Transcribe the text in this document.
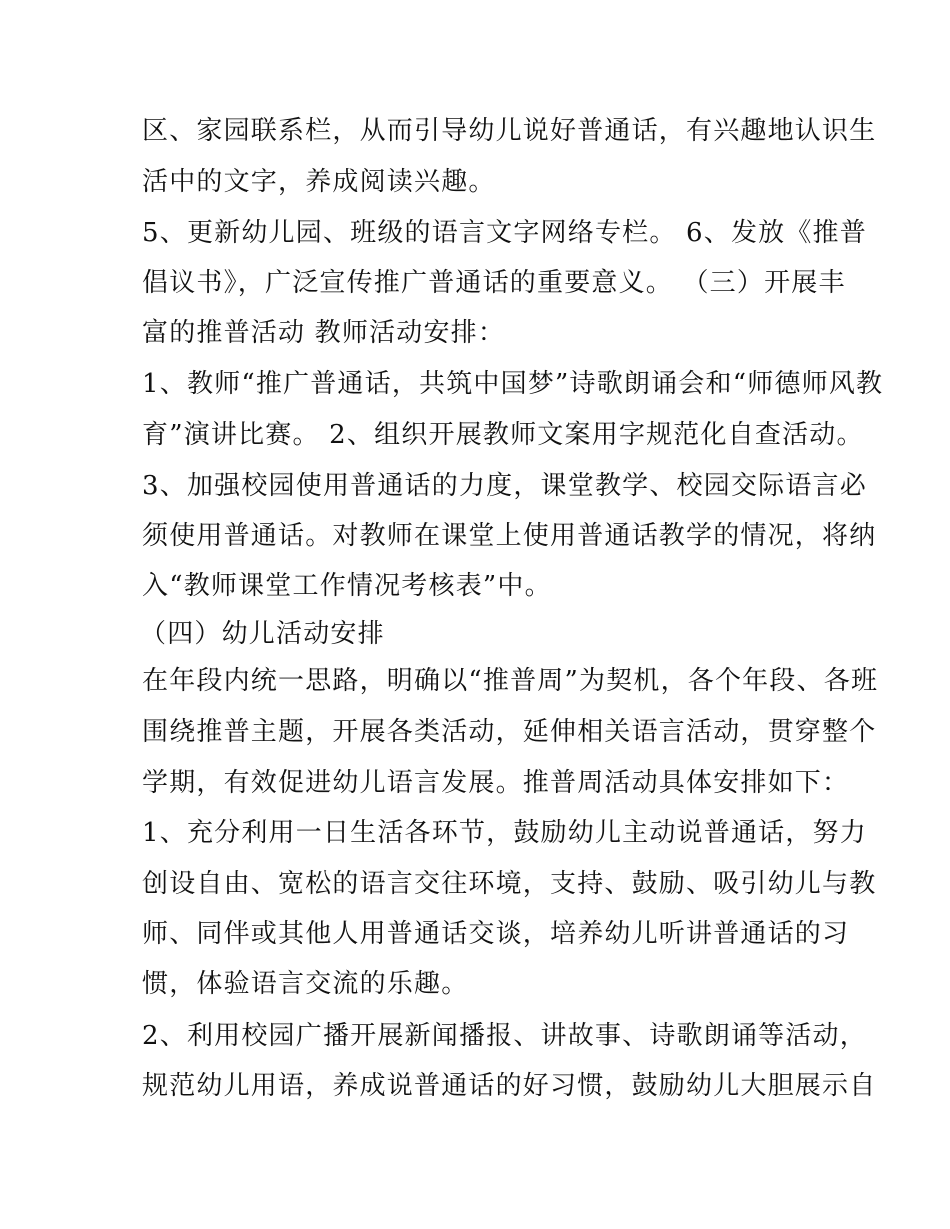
区、家园联系栏，从而引导幼儿说好普通话，有兴趣地认识生
活中的文字，养成阅读兴趣。
5、更新幼儿园、班级的语言文字网络专栏。 6、发放《推普
倡议书》，广泛宣传推广普通话的重要意义。 （三）开展丰
富的推普活动 教师活动安排：
1、教师“推广普通话，共筑中国梦”诗歌朗诵会和“师德师风教
育”演讲比赛。 2、组织开展教师文案用字规范化自查活动。
3、加强校园使用普通话的力度，课堂教学、校园交际语言必
须使用普通话。对教师在课堂上使用普通话教学的情况，将纳
入“教师课堂工作情况考核表”中。
（四）幼儿活动安排
在年段内统一思路，明确以“推普周”为契机，各个年段、各班
围绕推普主题，开展各类活动，延伸相关语言活动，贯穿整个
学期，有效促进幼儿语言发展。推普周活动具体安排如下：
1、充分利用一日生活各环节，鼓励幼儿主动说普通话，努力
创设自由、宽松的语言交往环境，支持、鼓励、吸引幼儿与教
师、同伴或其他人用普通话交谈，培养幼儿听讲普通话的习
惯，体验语言交流的乐趣。
2、利用校园广播开展新闻播报、讲故事、诗歌朗诵等活动，
规范幼儿用语，养成说普通话的好习惯，鼓励幼儿大胆展示自
